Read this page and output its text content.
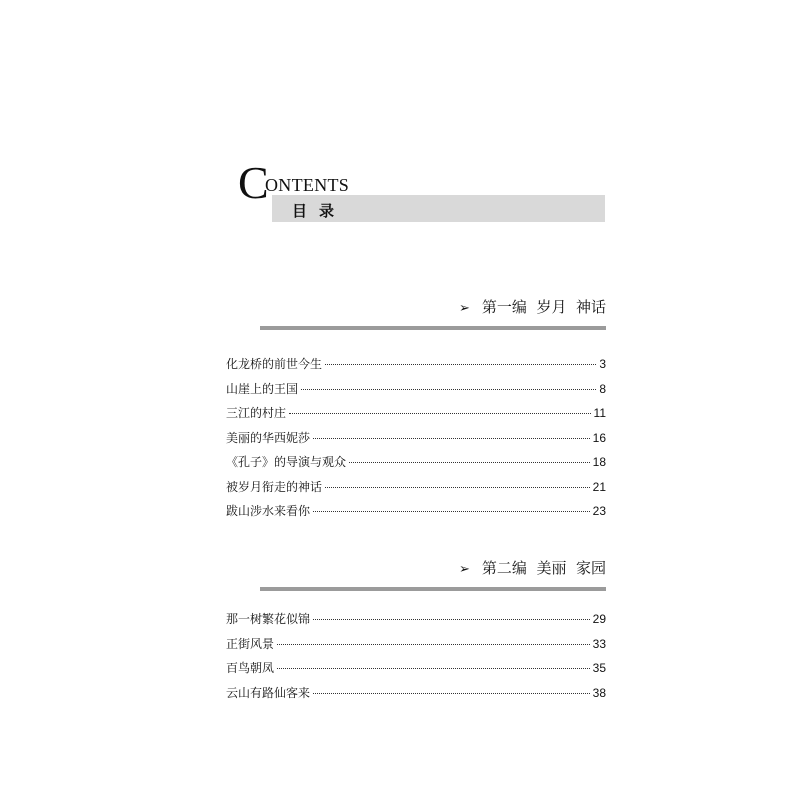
C
ONTENTS
目录
➢ 第一编  岁月  神话
化龙桥的前世今生	3
山崖上的王国	8
三江的村庄	11
美丽的华西妮莎	16
《孔子》的导演与观众	18
被岁月衔走的神话	21
跋山涉水来看你	23
➢ 第二编  美丽  家园
那一树繁花似锦	29
正街风景	33
百鸟朝凤	35
云山有路仙客来	38
